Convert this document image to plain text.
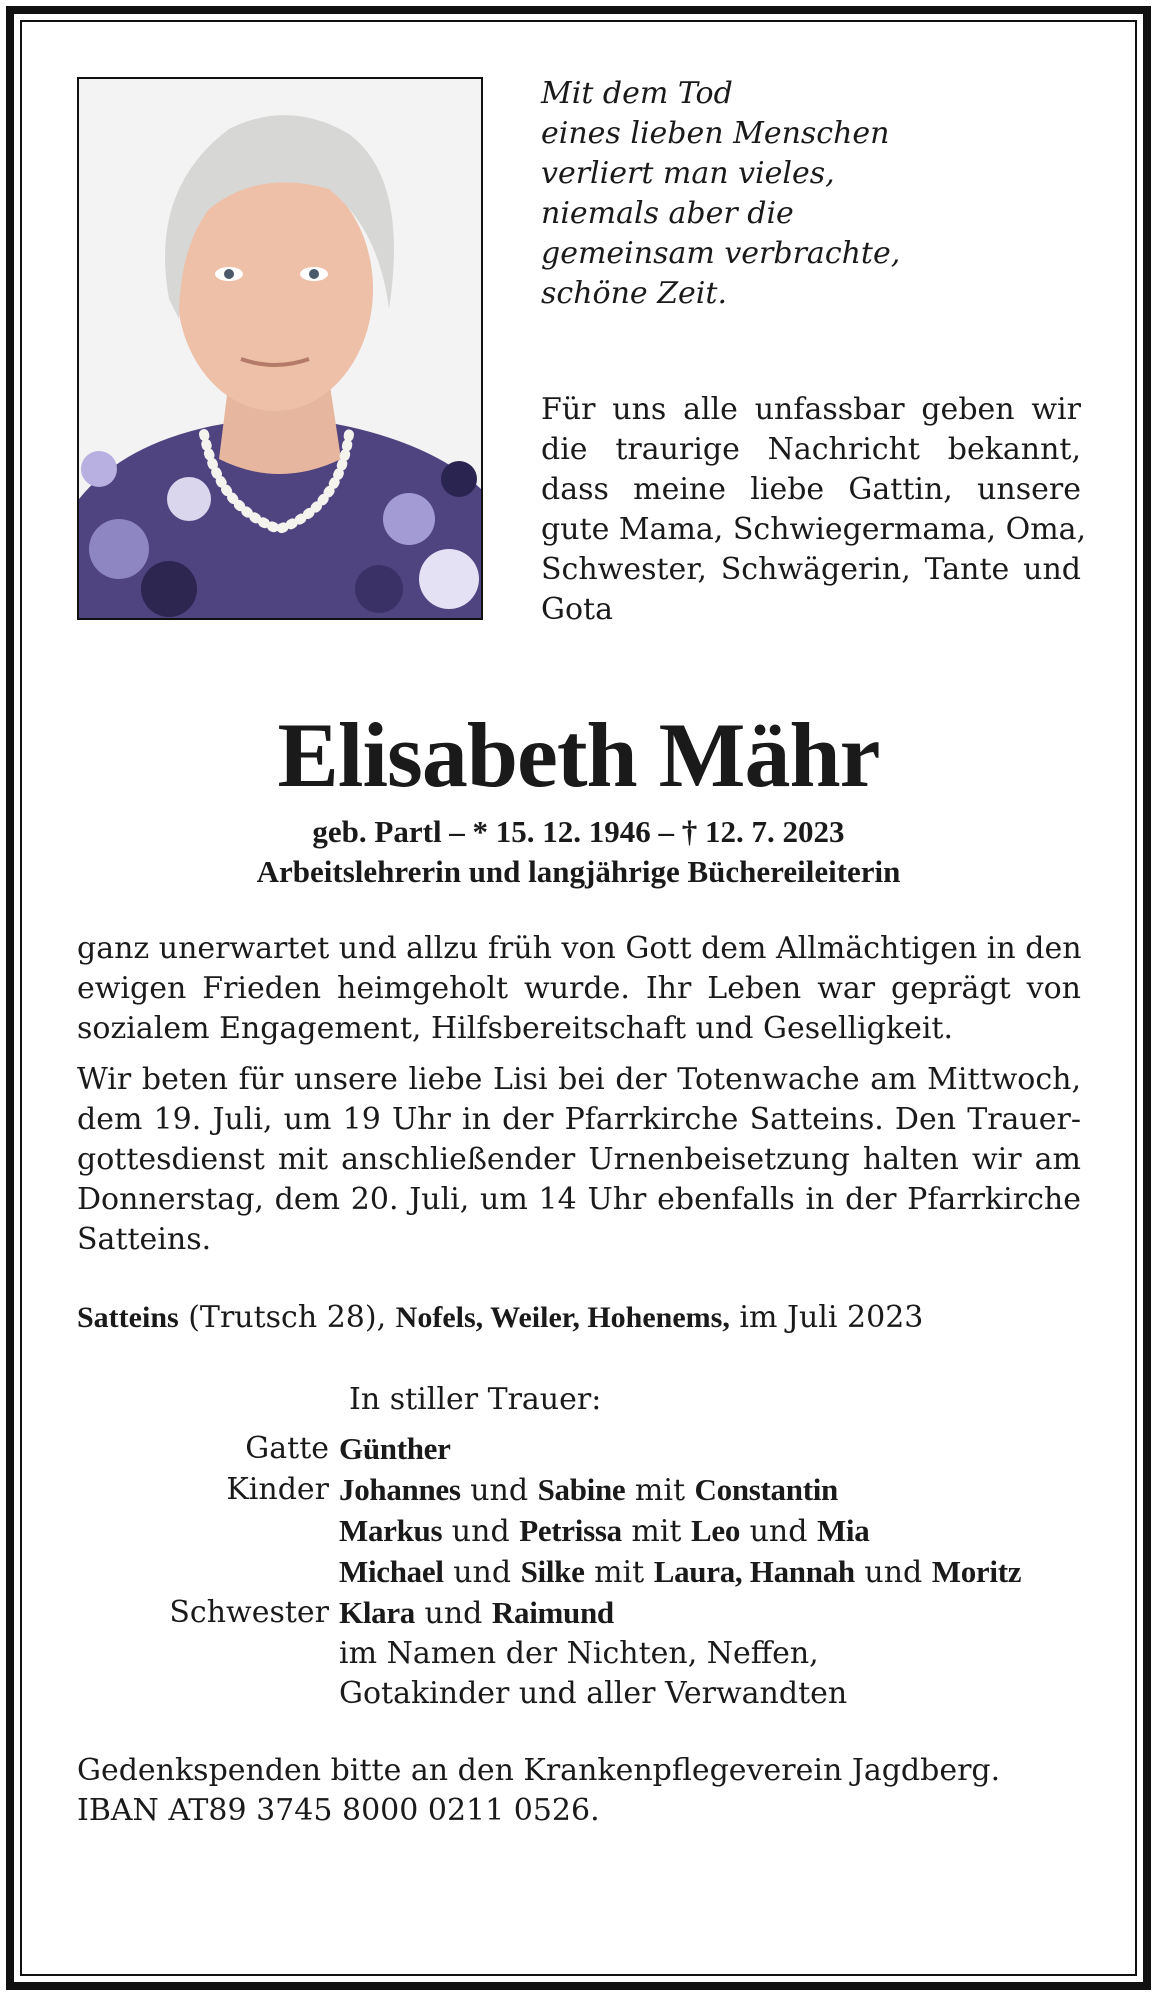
Mit dem Tod
eines lieben Menschen
verliert man vieles,
niemals aber die
gemeinsam verbrachte,
schöne Zeit.
Für uns alle unfassbar geben wir
die traurige Nachricht bekannt,
dass meine liebe Gattin, unsere
gute Mama, Schwiegermama, Oma,
Schwester, Schwägerin, Tante und
Gota
Elisabeth Mähr
geb. Partl – * 15. 12. 1946 – † 12. 7. 2023
Arbeitslehrerin und langjährige Büchereileiterin
ganz unerwartet und allzu früh von Gott dem Allmächtigen in den
ewigen Frieden heimgeholt wurde. Ihr Leben war geprägt von
sozialem Engagement, Hilfsbereitschaft und Geselligkeit.
Wir beten für unsere liebe Lisi bei der Totenwache am Mittwoch,
dem 19. Juli, um 19 Uhr in der Pfarrkirche Satteins. Den Trauer-
gottesdienst mit anschließender Urnenbeisetzung halten wir am
Donnerstag, dem 20. Juli, um 14 Uhr ebenfalls in der Pfarrkirche
Satteins.
Satteins (Trutsch 28), Nofels, Weiler, Hohenems, im Juli 2023
In stiller Trauer:
Gatte Günther
Kinder Johannes und Sabine mit Constantin
Markus und Petrissa mit Leo und Mia
Michael und Silke mit Laura, Hannah und Moritz
Schwester Klara und Raimund
im Namen der Nichten, Neffen,
Gotakinder und aller Verwandten
Gedenkspenden bitte an den Krankenpflegeverein Jagdberg.
IBAN AT89 3745 8000 0211 0526.
